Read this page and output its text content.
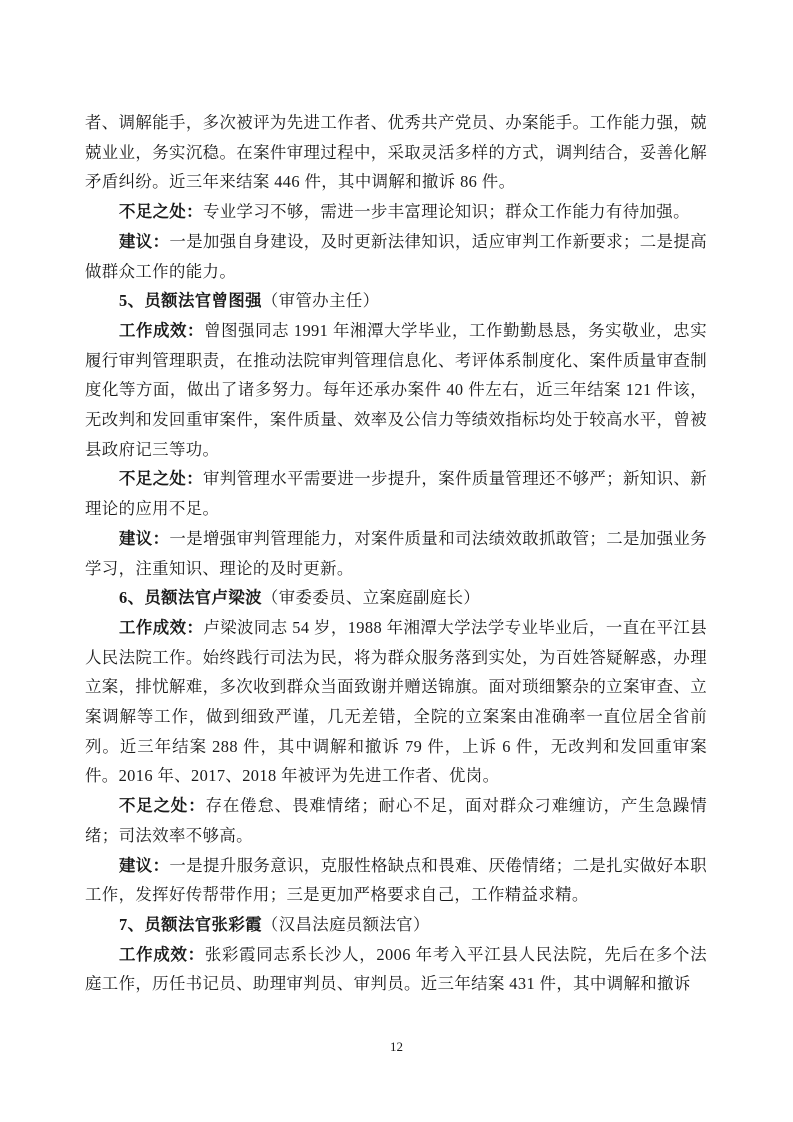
者、调解能手，多次被评为先进工作者、优秀共产党员、办案能手。工作能力强，兢兢业业，务实沉稳。在案件审理过程中，采取灵活多样的方式，调判结合，妥善化解矛盾纠纷。近三年来结案 446 件，其中调解和撤诉 86 件。

不足之处：专业学习不够，需进一步丰富理论知识；群众工作能力有待加强。

建议：一是加强自身建设，及时更新法律知识，适应审判工作新要求；二是提高做群众工作的能力。

5、员额法官曾图强（审管办主任）

工作成效：曾图强同志 1991 年湘潭大学毕业，工作勤勤恳恳，务实敬业，忠实履行审判管理职责，在推动法院审判管理信息化、考评体系制度化、案件质量审查制度化等方面，做出了诸多努力。每年还承办案件 40 件左右，近三年结案 121 件该，无改判和发回重审案件，案件质量、效率及公信力等绩效指标均处于较高水平，曾被县政府记三等功。

不足之处：审判管理水平需要进一步提升，案件质量管理还不够严；新知识、新理论的应用不足。

建议：一是增强审判管理能力，对案件质量和司法绩效敢抓敢管；二是加强业务学习，注重知识、理论的及时更新。

6、员额法官卢梁波（审委委员、立案庭副庭长）

工作成效：卢梁波同志 54 岁，1988 年湘潭大学法学专业毕业后，一直在平江县人民法院工作。始终践行司法为民，将为群众服务落到实处，为百姓答疑解惑，办理立案，排忧解难，多次收到群众当面致谢并赠送锦旗。面对琐细繁杂的立案审查、立案调解等工作，做到细致严谨，几无差错，全院的立案案由准确率一直位居全省前列。近三年结案 288 件，其中调解和撤诉 79 件，上诉 6 件，无改判和发回重审案件。2016 年、2017、2018 年被评为先进工作者、优岗。

不足之处：存在倦怠、畏难情绪；耐心不足，面对群众刁难缠访，产生急躁情绪；司法效率不够高。

建议：一是提升服务意识，克服性格缺点和畏难、厌倦情绪；二是扎实做好本职工作，发挥好传帮带作用；三是更加严格要求自己，工作精益求精。

7、员额法官张彩霞（汉昌法庭员额法官）

工作成效：张彩霞同志系长沙人，2006 年考入平江县人民法院，先后在多个法庭工作，历任书记员、助理审判员、审判员。近三年结案 431 件，其中调解和撤诉

12
